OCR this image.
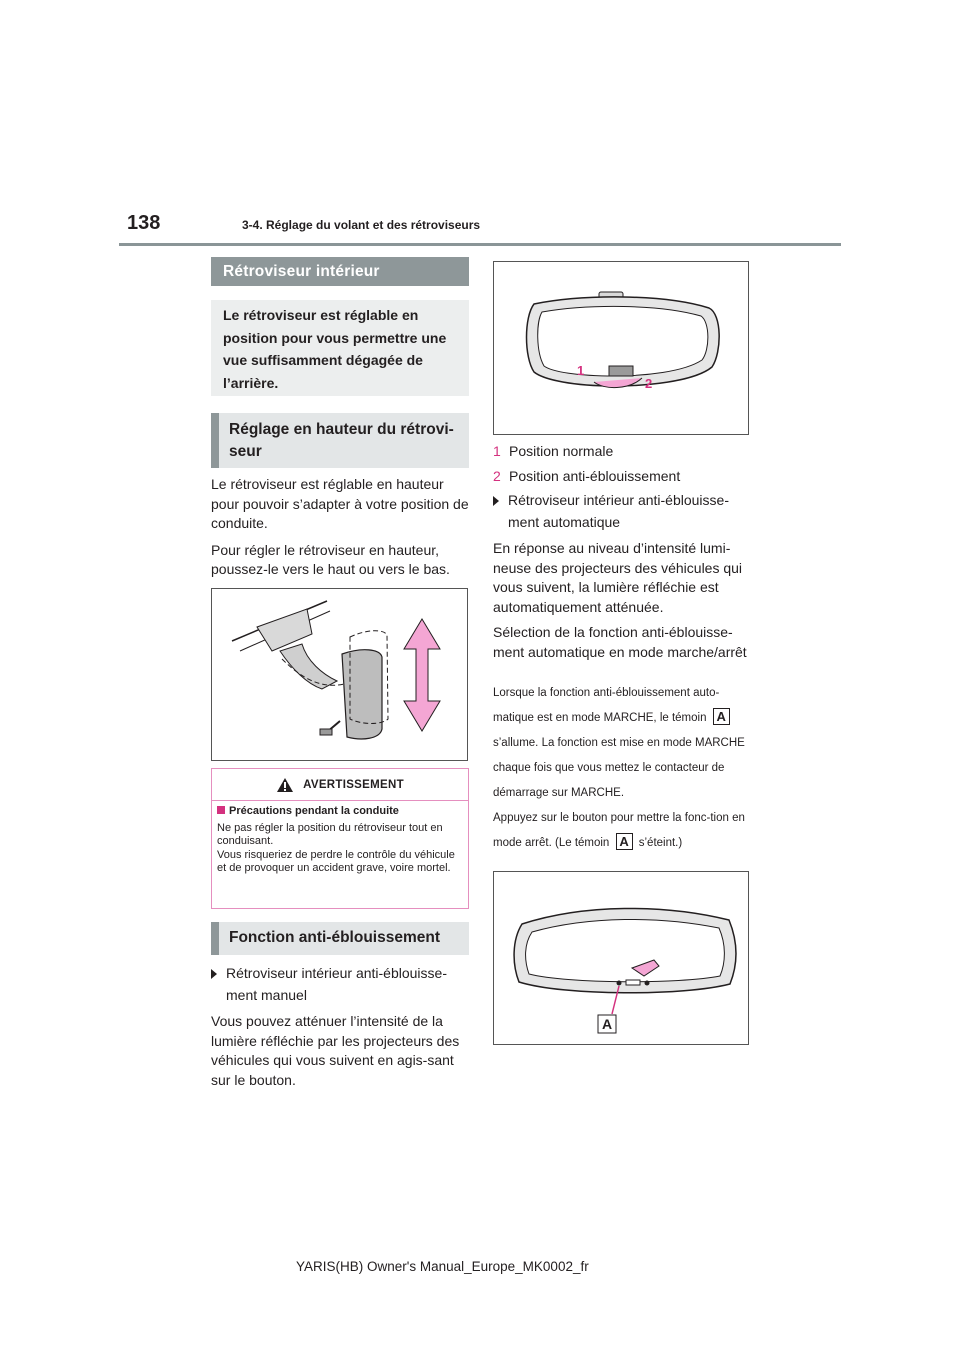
138	3-4. Réglage du volant et des rétroviseurs
Rétroviseur intérieur
Le rétroviseur est réglable en position pour vous permettre une vue suffisamment dégagée de l’arrière.
Réglage en hauteur du rétrovi-seur

Le rétroviseur est réglable en hauteur pour pouvoir s’adapter à votre position de conduite.

Pour régler le rétroviseur en hauteur, poussez-le vers le haut ou vers le bas.

AVERTISSEMENT
Précautions pendant la conduite
Ne pas régler la position du rétroviseur tout en conduisant.
Vous risqueriez de perdre le contrôle du véhicule et de provoquer un accident grave, voire mortel.
Fonction anti-éblouissement
Rétroviseur intérieur anti-éblouisse-ment manuel
Vous pouvez atténuer l’intensité de la lumière réfléchie par les projecteurs des véhicules qui vous suivent en agis-sant sur le bouton.
1
2
1 Position normale
2 Position anti-éblouissement
Rétroviseur intérieur anti-éblouisse-ment automatique
En réponse au niveau d’intensité lumi-neuse des projecteurs des véhicules qui vous suivent, la lumière réfléchie est automatiquement atténuée.
Sélection de la fonction anti-éblouisse-ment automatique en mode marche/arrêt
Lorsque la fonction anti-éblouissement auto-matique est en mode MARCHE, le témoin A s’allume. La fonction est mise en mode MARCHE chaque fois que vous mettez le contacteur de démarrage sur MARCHE.
Appuyez sur le bouton pour mettre la fonc-tion en mode arrêt. (Le témoin A s’éteint.)
A
YARIS(HB) Owner's Manual_Europe_MK0002_fr
